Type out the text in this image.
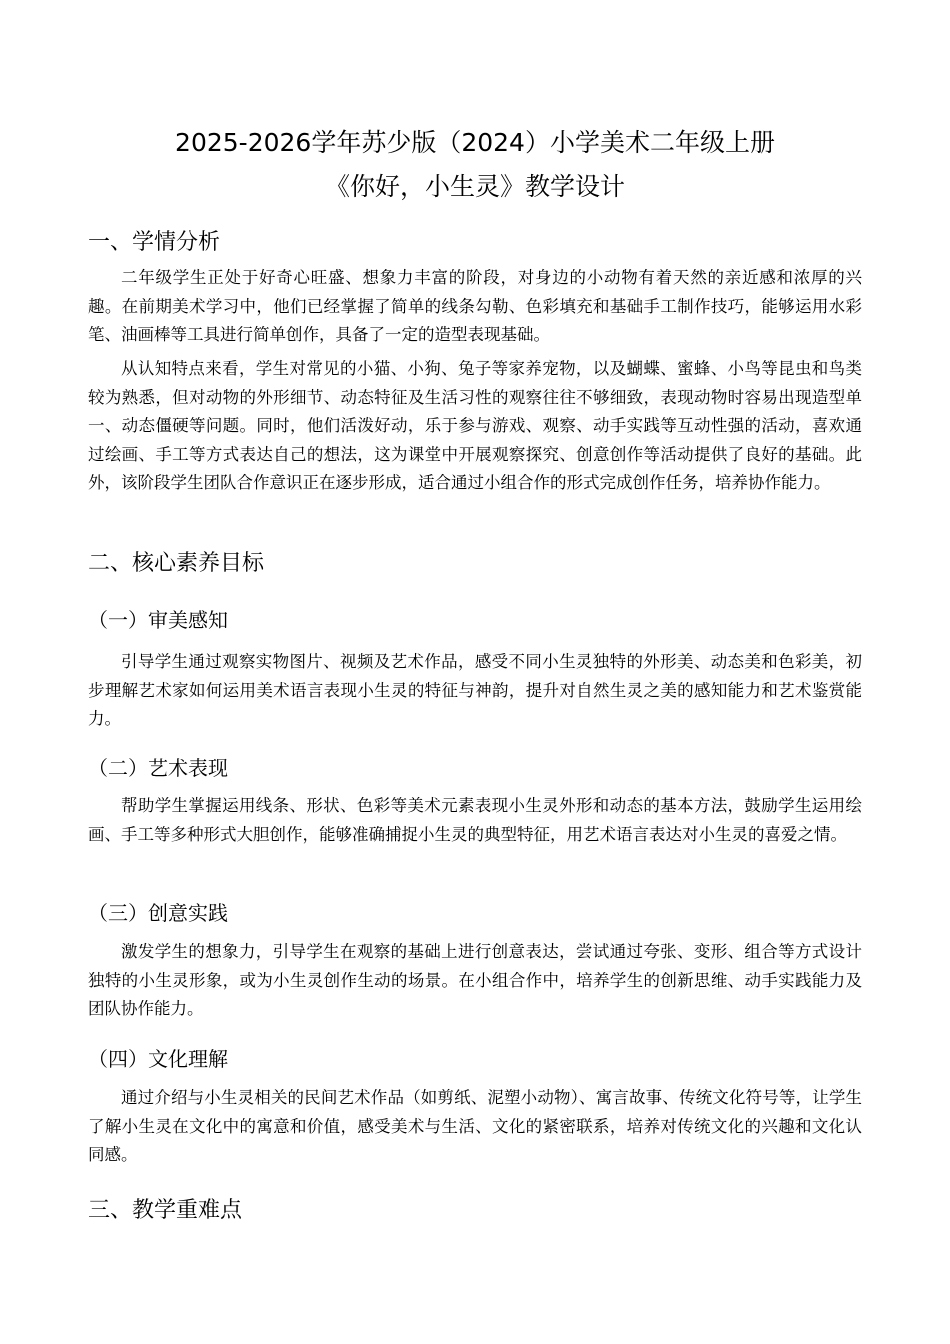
2025-2026学年苏少版（2024）小学美术二年级上册
《你好，小生灵》教学设计
一、学情分析
二年级学生正处于好奇心旺盛、想象力丰富的阶段，对身边的小动物有着天然的亲近感和浓厚的兴趣。在前期美术学习中，他们已经掌握了简单的线条勾勒、色彩填充和基础手工制作技巧，能够运用水彩笔、油画棒等工具进行简单创作，具备了一定的造型表现基础。
从认知特点来看，学生对常见的小猫、小狗、兔子等家养宠物，以及蝴蝶、蜜蜂、小鸟等昆虫和鸟类较为熟悉，但对动物的外形细节、动态特征及生活习性的观察往往不够细致，表现动物时容易出现造型单一、动态僵硬等问题。同时，他们活泼好动，乐于参与游戏、观察、动手实践等互动性强的活动，喜欢通过绘画、手工等方式表达自己的想法，这为课堂中开展观察探究、创意创作等活动提供了良好的基础。此外，该阶段学生团队合作意识正在逐步形成，适合通过小组合作的形式完成创作任务，培养协作能力。
二、核心素养目标
（一）审美感知
引导学生通过观察实物图片、视频及艺术作品，感受不同小生灵独特的外形美、动态美和色彩美，初步理解艺术家如何运用美术语言表现小生灵的特征与神韵，提升对自然生灵之美的感知能力和艺术鉴赏能力。
（二）艺术表现
帮助学生掌握运用线条、形状、色彩等美术元素表现小生灵外形和动态的基本方法，鼓励学生运用绘画、手工等多种形式大胆创作，能够准确捕捉小生灵的典型特征，用艺术语言表达对小生灵的喜爱之情。
（三）创意实践
激发学生的想象力，引导学生在观察的基础上进行创意表达，尝试通过夸张、变形、组合等方式设计独特的小生灵形象，或为小生灵创作生动的场景。在小组合作中，培养学生的创新思维、动手实践能力及团队协作能力。
（四）文化理解
通过介绍与小生灵相关的民间艺术作品（如剪纸、泥塑小动物）、寓言故事、传统文化符号等，让学生了解小生灵在文化中的寓意和价值，感受美术与生活、文化的紧密联系，培养对传统文化的兴趣和文化认同感。
三、教学重难点
